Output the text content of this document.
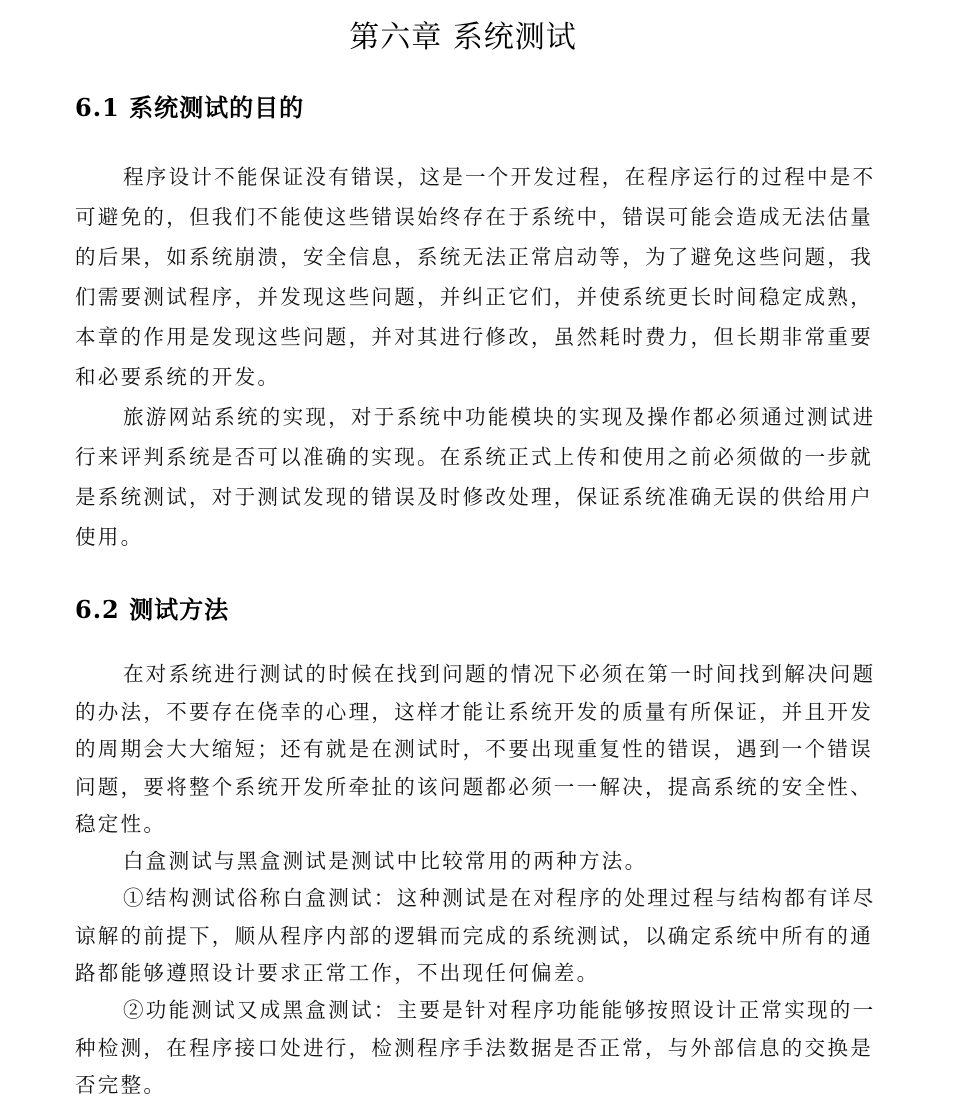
第六章 系统测试
6.1 系统测试的目的
程序设计不能保证没有错误，这是一个开发过程，在程序运行的过程中是不
可避免的，但我们不能使这些错误始终存在于系统中，错误可能会造成无法估量
的后果，如系统崩溃，安全信息，系统无法正常启动等，为了避免这些问题，我
们需要测试程序，并发现这些问题，并纠正它们，并使系统更长时间稳定成熟，
本章的作用是发现这些问题，并对其进行修改，虽然耗时费力，但长期非常重要
和必要系统的开发。
旅游网站系统的实现，对于系统中功能模块的实现及操作都必须通过测试进
行来评判系统是否可以准确的实现。在系统正式上传和使用之前必须做的一步就
是系统测试，对于测试发现的错误及时修改处理，保证系统准确无误的供给用户
使用。
6.2 测试方法
在对系统进行测试的时候在找到问题的情况下必须在第一时间找到解决问题
的办法，不要存在侥幸的心理，这样才能让系统开发的质量有所保证，并且开发
的周期会大大缩短；还有就是在测试时，不要出现重复性的错误，遇到一个错误
问题，要将整个系统开发所牵扯的该问题都必须一一解决，提高系统的安全性、
稳定性。
白盒测试与黑盒测试是测试中比较常用的两种方法。
①结构测试俗称白盒测试：这种测试是在对程序的处理过程与结构都有详尽
谅解的前提下，顺从程序内部的逻辑而完成的系统测试，以确定系统中所有的通
路都能够遵照设计要求正常工作，不出现任何偏差。
②功能测试又成黑盒测试：主要是针对程序功能能够按照设计正常实现的一
种检测，在程序接口处进行，检测程序手法数据是否正常，与外部信息的交换是
否完整。
